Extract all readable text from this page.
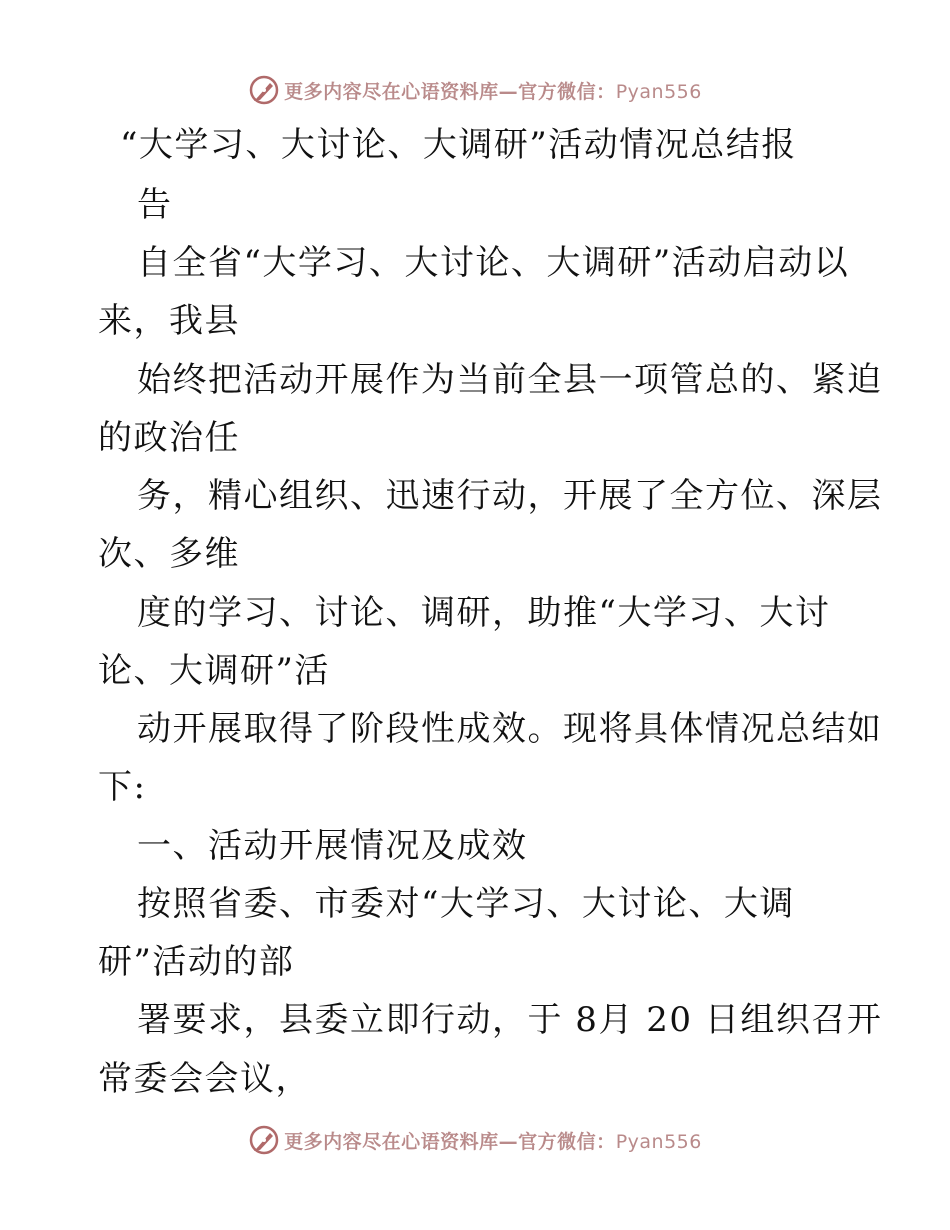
更多内容尽在心语资料库—官方微信：Pyan556
“大学习、大讨论、大调研”活动情况总结报
告
自全省“大学习、大讨论、大调研”活动启动以
来，我县
始终把活动开展作为当前全县一项管总的、紧迫
的政治任
务，精心组织、迅速行动，开展了全方位、深层
次、多维
度的学习、讨论、调研，助推“大学习、大讨
论、大调研”活
动开展取得了阶段性成效。现将具体情况总结如
下:
一、活动开展情况及成效
按照省委、市委对“大学习、大讨论、大调
研”活动的部
署要求，县委立即行动，于 8月 20 日组织召开
常委会会议，
更多内容尽在心语资料库—官方微信：Pyan556
